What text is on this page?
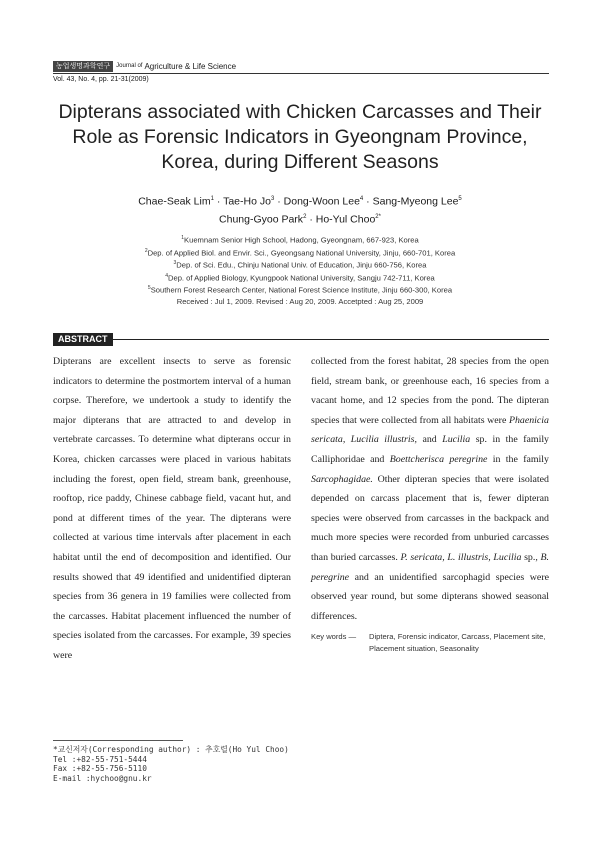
농업생명과학연구	Journal of Agriculture & Life Science
Vol. 43, No. 4, pp. 21-31(2009)
Dipterans associated with Chicken Carcasses and Their
Role as Forensic Indicators in Gyeongnam Province,
Korea, during Different Seasons
Chae-Seak Lim$^1$ · Tae-Ho $Jo^3$ · Dong-Woon Lee$^4$ · Sang-Myeong Lee$^5$
Chung-Gyoo Park$^2$ · Ho-Yul Choo$^{2*}$
$^1$Kuemnam Senior High School, Hadong, Gyeongnam, 667-923, Korea
$^2$Dep. of Applied Biol. and Envir. Sci., Gyeongsang National University, Jinju, 660-701, Korea
$^3$Dep. of Sci. Edu., Chinju National Univ. of Education, Jinju 660-756, Korea
$^4$Dep. of Applied Biology, Kyungpook National University, Sangju 742-711, Korea
$^5$Southern Forest Research Center, National Forest Science Institute, Jinju 660-300, Korea
Received : Jul 1, 2009. Revised : Aug 20, 2009. Accetpted : Aug 25, 2009
ABSTRACT
Dipterans are excellent insects to serve as forensic indicators to determine the postmortem interval of a human corpse. Therefore, we undertook a study to identify the major dipterans that are attracted to and develop in vertebrate carcasses. To determine what dipterans occur in Korea, chicken carcasses were placed in various habitats including the forest, open field, stream bank, greenhouse, rooftop, rice paddy, Chinese cabbage field, vacant hut, and pond at different times of the year. The dipterans were collected at various time intervals after placement in each habitat until the end of decomposition and identified. Our results showed that 49 identified and unidentified dipteran species from 36 genera in 19 families were collected from the carcasses. Habitat placement influenced the number of species isolated from the carcasses. For example, 39 species were
collected from the forest habitat, 28 species from the open field, stream bank, or greenhouse each, 16 species from a vacant home, and 12 species from the pond. The dipteran species that were collected from all habitats were Phaenicia sericata, Lucilia illustris, and Lucilia sp. in the family Calliphoridae and Boettcherisca peregrine in the family Sarcophagidae. Other dipteran species that were isolated depended on carcass placement that is, fewer dipteran species were observed from carcasses in the backpack and much more species were recorded from unburied carcasses than buried carcasses. P. sericata, L. illustris, Lucilia sp., B. peregrine and an unidentified sarcophagid species were observed year round, but some dipterans showed seasonal differences.
Key words —	Diptera, Forensic indicator, Carcass, Placement site, Placement situation, Seasonality
*교신저자(Corresponding author) : 추호렬(Ho Yul Choo)
Tel :+82-55-751-5444
Fax :+82-55-756-5110
E-mail :hychoo@gnu.kr
